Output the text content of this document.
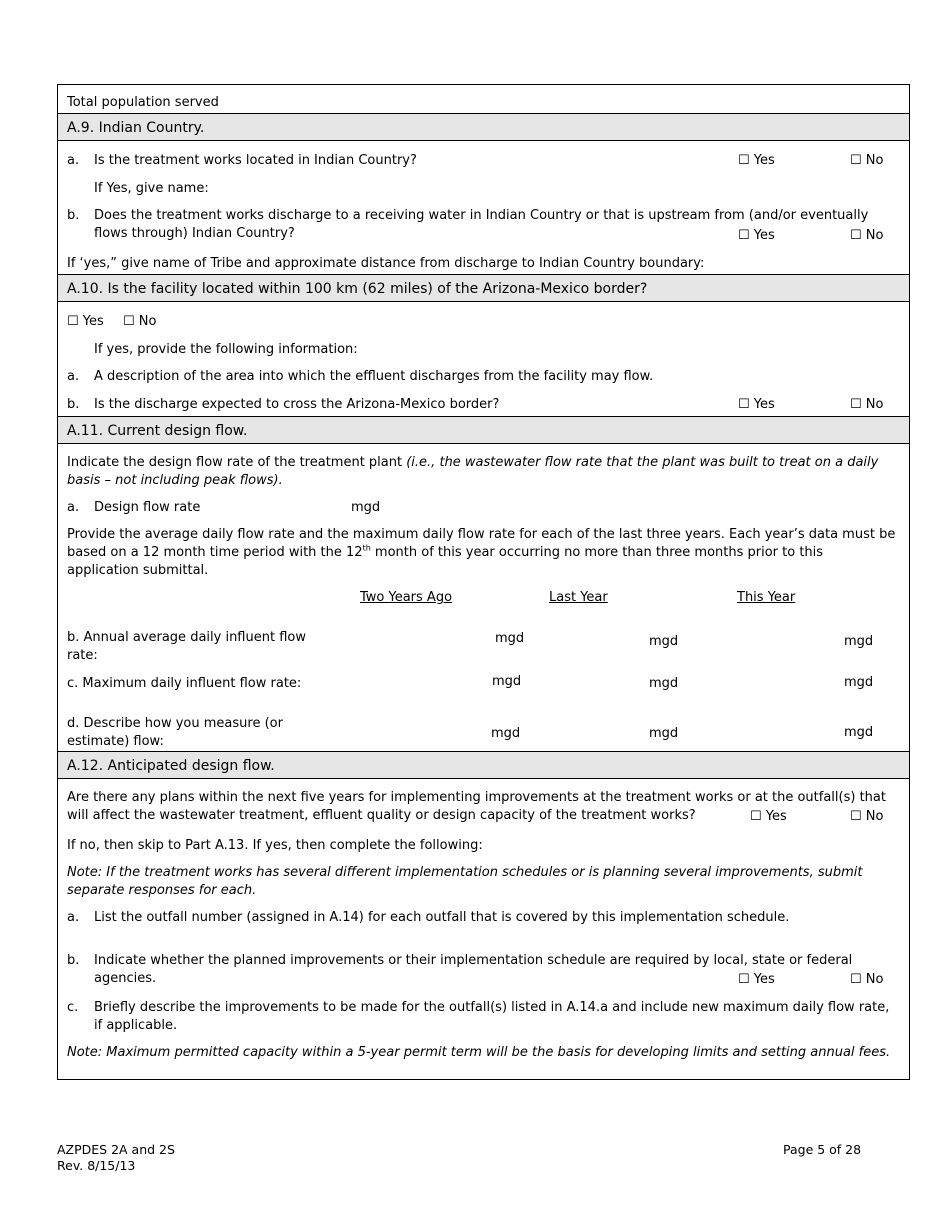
Total population served
A.9. Indian Country.
a. Is the treatment works located in Indian Country?	☐ Yes	☐ No
If Yes, give name:
b. Does the treatment works discharge to a receiving water in Indian Country or that is upstream from (and/or eventually flows through) Indian Country?	☐ Yes	☐ No
If ‘yes,” give name of Tribe and approximate distance from discharge to Indian Country boundary:
A.10. Is the facility located within 100 km (62 miles) of the Arizona-Mexico border?
☐ Yes ☐ No
If yes, provide the following information:
a. A description of the area into which the effluent discharges from the facility may flow.
b. Is the discharge expected to cross the Arizona-Mexico border?	☐ Yes	☐ No
A.11. Current design flow.
Indicate the design flow rate of the treatment plant (i.e., the wastewater flow rate that the plant was built to treat on a daily basis – not including peak flows).
a. Design flow rate	mgd
Provide the average daily flow rate and the maximum daily flow rate for each of the last three years. Each year’s data must be based on a 12 month time period with the 12th month of this year occurring no more than three months prior to this application submittal.
Two Years Ago	Last Year	This Year
b. Annual average daily influent flow rate:
mgd	mgd	mgd
c. Maximum daily influent flow rate:	mgd	mgd	mgd
d. Describe how you measure (or estimate) flow:
mgd	mgd	mgd
A.12. Anticipated design flow.
Are there any plans within the next five years for implementing improvements at the treatment works or at the outfall(s) that will affect the wastewater treatment, effluent quality or design capacity of the treatment works?	☐ Yes	☐ No
If no, then skip to Part A.13. If yes, then complete the following:
Note: If the treatment works has several different implementation schedules or is planning several improvements, submit separate responses for each.
a. List the outfall number (assigned in A.14) for each outfall that is covered by this implementation schedule.
b. Indicate whether the planned improvements or their implementation schedule are required by local, state or federal agencies.	☐ Yes	☐ No
c. Briefly describe the improvements to be made for the outfall(s) listed in A.14.a and include new maximum daily flow rate, if applicable.
Note: Maximum permitted capacity within a 5-year permit term will be the basis for developing limits and setting annual fees.
AZPDES 2A and 2S
Rev. 8/15/13
Page 5 of 28
